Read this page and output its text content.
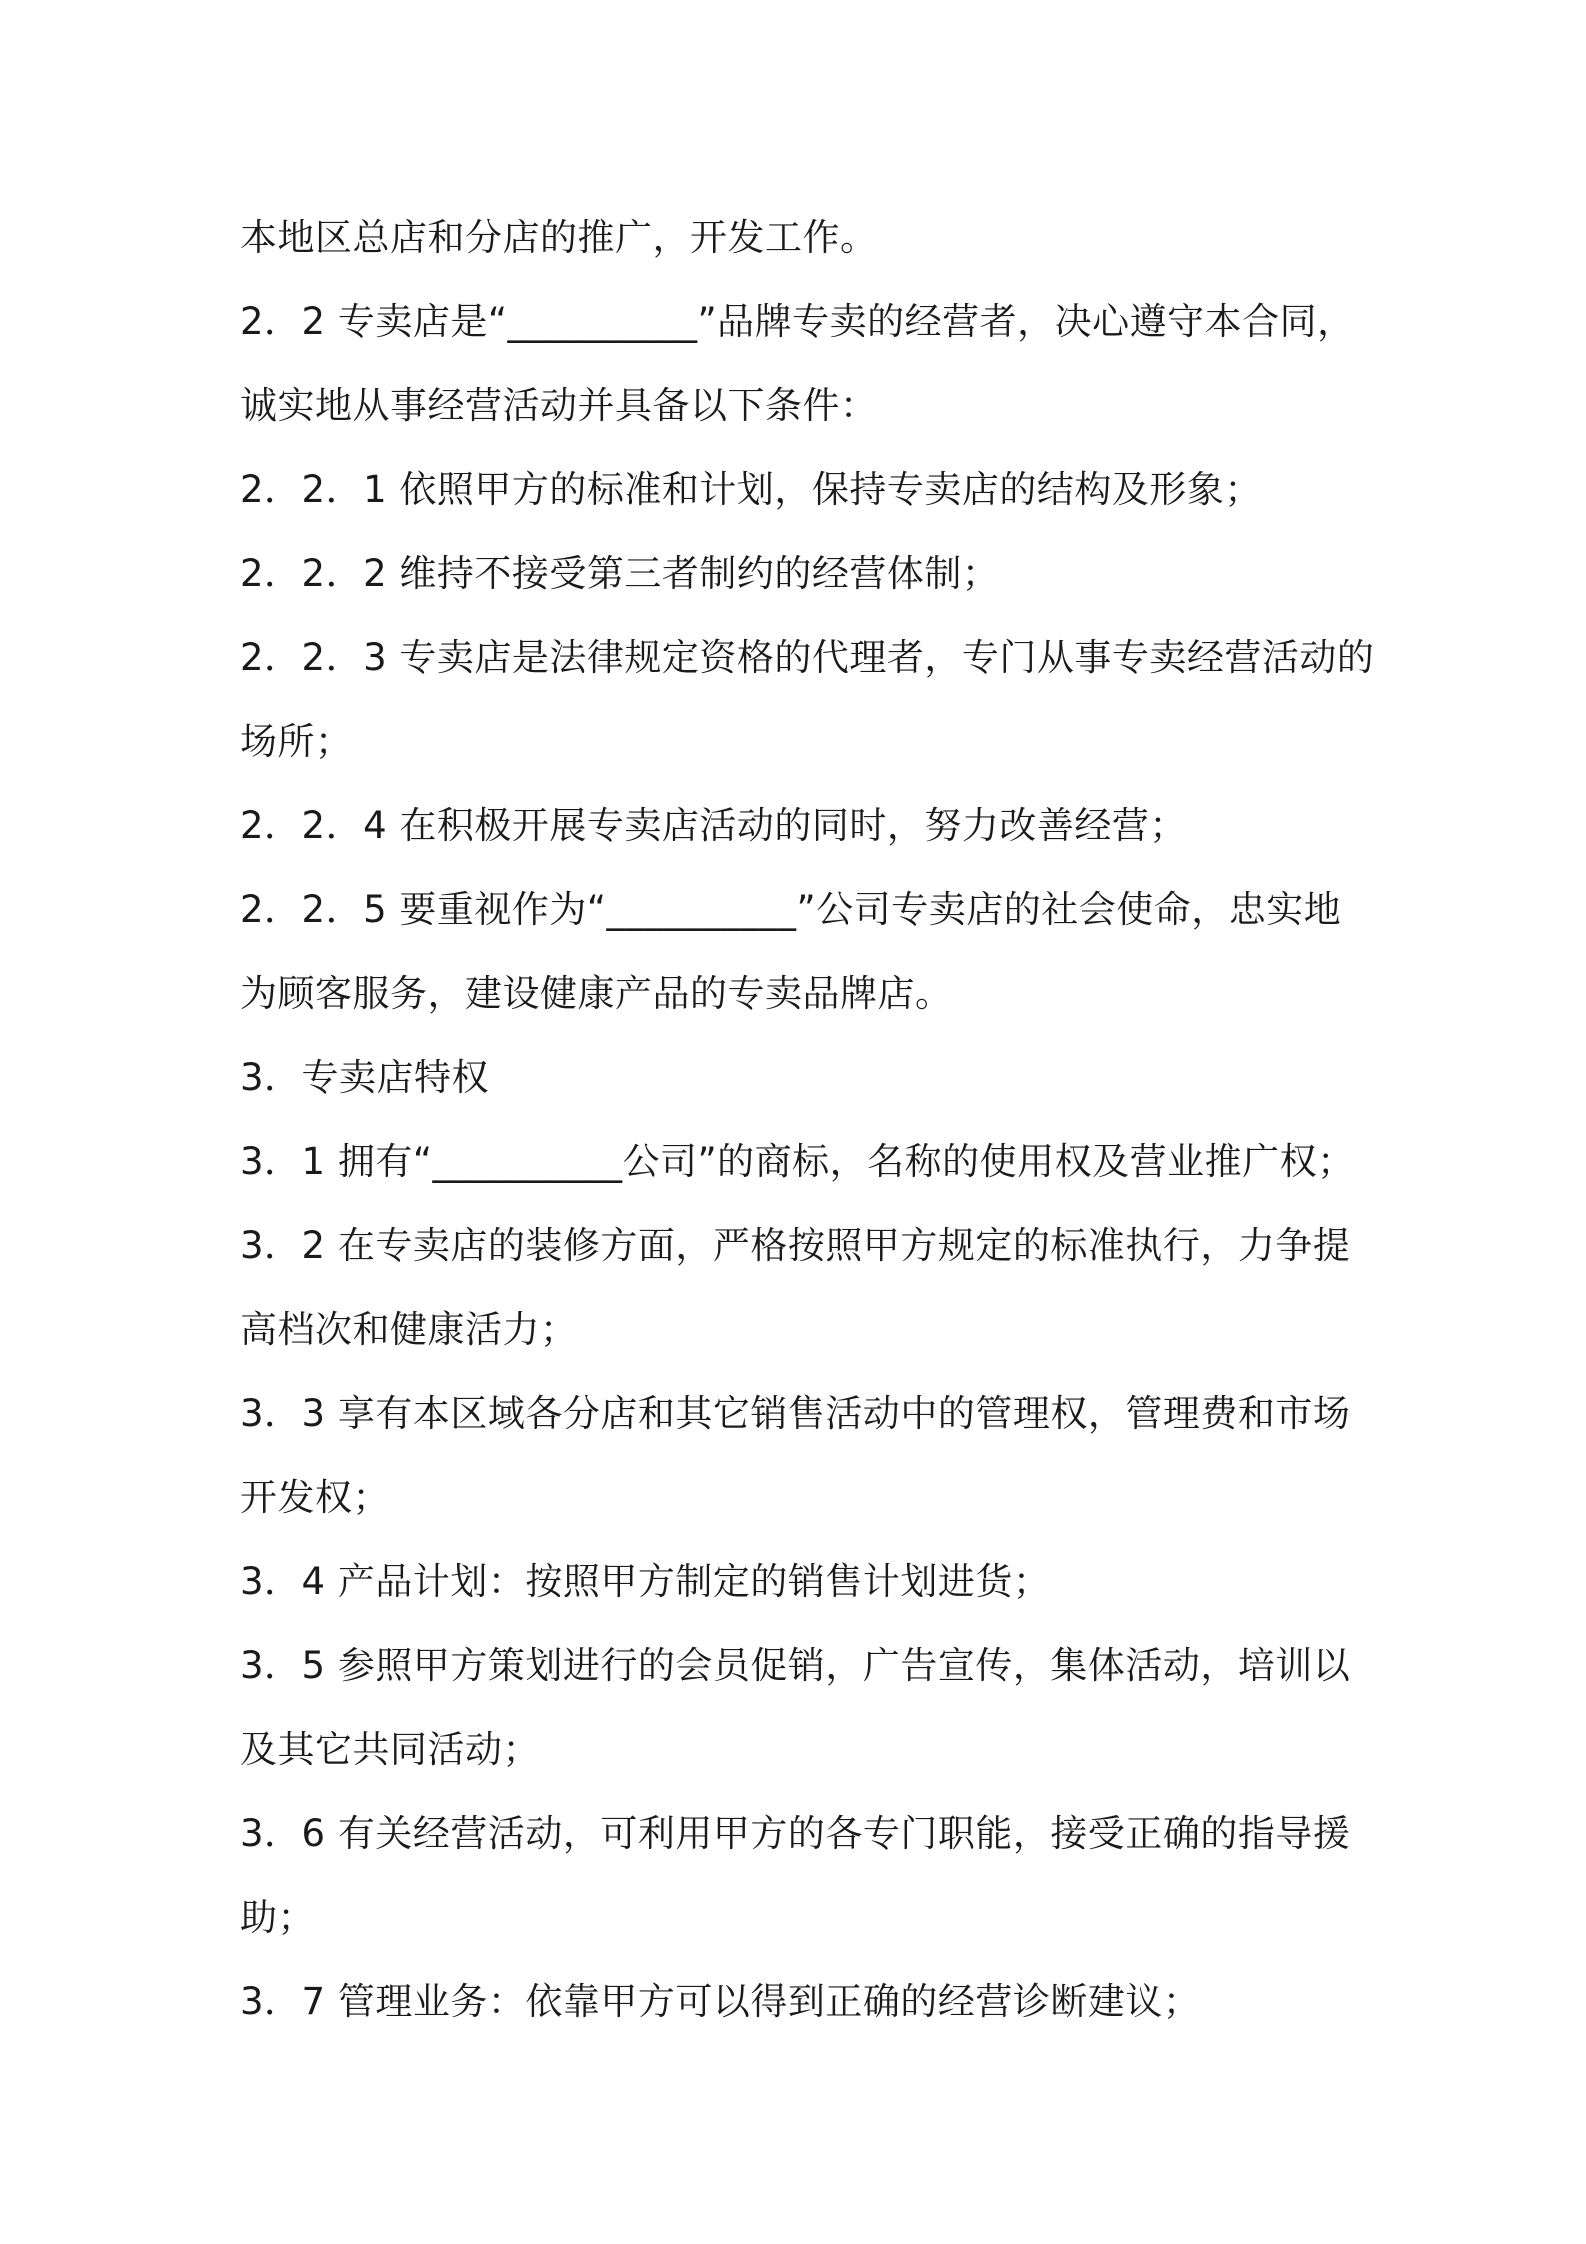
本地区总店和分店的推广，开发工作。
2．2 专卖店是“__________”品牌专卖的经营者，决心遵守本合同，
诚实地从事经营活动并具备以下条件：
2．2．1 依照甲方的标准和计划，保持专卖店的结构及形象；
2．2．2 维持不接受第三者制约的经营体制；
2．2．3 专卖店是法律规定资格的代理者，专门从事专卖经营活动的
场所；
2．2．4 在积极开展专卖店活动的同时，努力改善经营；
2．2．5 要重视作为“__________”公司专卖店的社会使命，忠实地
为顾客服务，建设健康产品的专卖品牌店。
3．专卖店特权
3．1 拥有“__________公司”的商标，名称的使用权及营业推广权；
3．2 在专卖店的装修方面，严格按照甲方规定的标准执行，力争提
高档次和健康活力；
3．3 享有本区域各分店和其它销售活动中的管理权，管理费和市场
开发权；
3．4 产品计划：按照甲方制定的销售计划进货；
3．5 参照甲方策划进行的会员促销，广告宣传，集体活动，培训以
及其它共同活动；
3．6 有关经营活动，可利用甲方的各专门职能，接受正确的指导援
助；
3．7 管理业务：依靠甲方可以得到正确的经营诊断建议；
